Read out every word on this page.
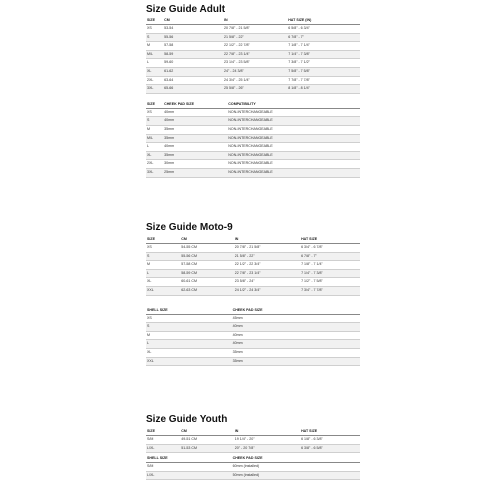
Size Guide Adult
SIZE	CM	IN	HAT SIZE (IN)
XS	53-54	20 7/8" - 21 5/8"	6 5/8" - 6 3/4"
S	55-56	21 5/8" - 22"	6 7/8" - 7"
M	57-58	22 1/2" - 22 7/8"	7 1/8" - 7 1/4"
M/L	58-59	22 7/8" - 23 1/4"	7 1/4" - 7 3/8"
L	59-60	23 1/4" - 23 5/8"	7 3/8" - 7 1/2"
XL	61-62	24" - 24 3/8"	7 5/8" - 7 5/8"
2XL	63-64	24 3/4" - 25 1/4"	7 7/8" - 7 7/8"
3XL	65-66	25 5/8" - 26"	8 1/8" - 8 1/4"
SIZE	CHEEK PAD SIZE	COMPATIBILITY
XS	40mm	NON-INTERCHANGEABLE
S	40mm	NON-INTERCHANGEABLE
M	35mm	NON-INTERCHANGEABLE
M/L	35mm	NON-INTERCHANGEABLE
L	40mm	NON-INTERCHANGEABLE
XL	35mm	NON-INTERCHANGEABLE
2XL	30mm	NON-INTERCHANGEABLE
3XL	25mm	NON-INTERCHANGEABLE
Size Guide Moto-9
SIZE	CM	IN	HAT SIZE
XS	54-55 CM	20 7/8" - 21 5/8"	6 3/4" - 6 7/8"
S	55-56 CM	21 5/8" - 22"	6 7/8" - 7"
M	57-58 CM	22 1/2" - 22 3/4"	7 1/8" - 7 1/4"
L	58-59 CM	22 7/8" - 23 1/4"	7 1/4" - 7 3/8"
XL	60-61 CM	23 5/8" - 24"	7 1/2" - 7 5/8"
XXL	62-63 CM	24 1/2" - 24 3/4"	7 3/4" - 7 7/8"
SHELL SIZE	CHEEK PAD SIZE
XS	45mm
S	40mm
M	40mm
L	40mm
XL	35mm
XXL	35mm
Size Guide Youth
SIZE	CM	IN	HAT SIZE
S/M	49-51 CM	19 1/4" - 20"	6 1/8" - 6 3/8"
L/XL	51-53 CM	20" - 20 7/8"	6 3/8" - 6 5/8"
SHELL SIZE	CHEEK PAD SIZE
S/M	60mm (installed)
L/XL	50mm (installed)
